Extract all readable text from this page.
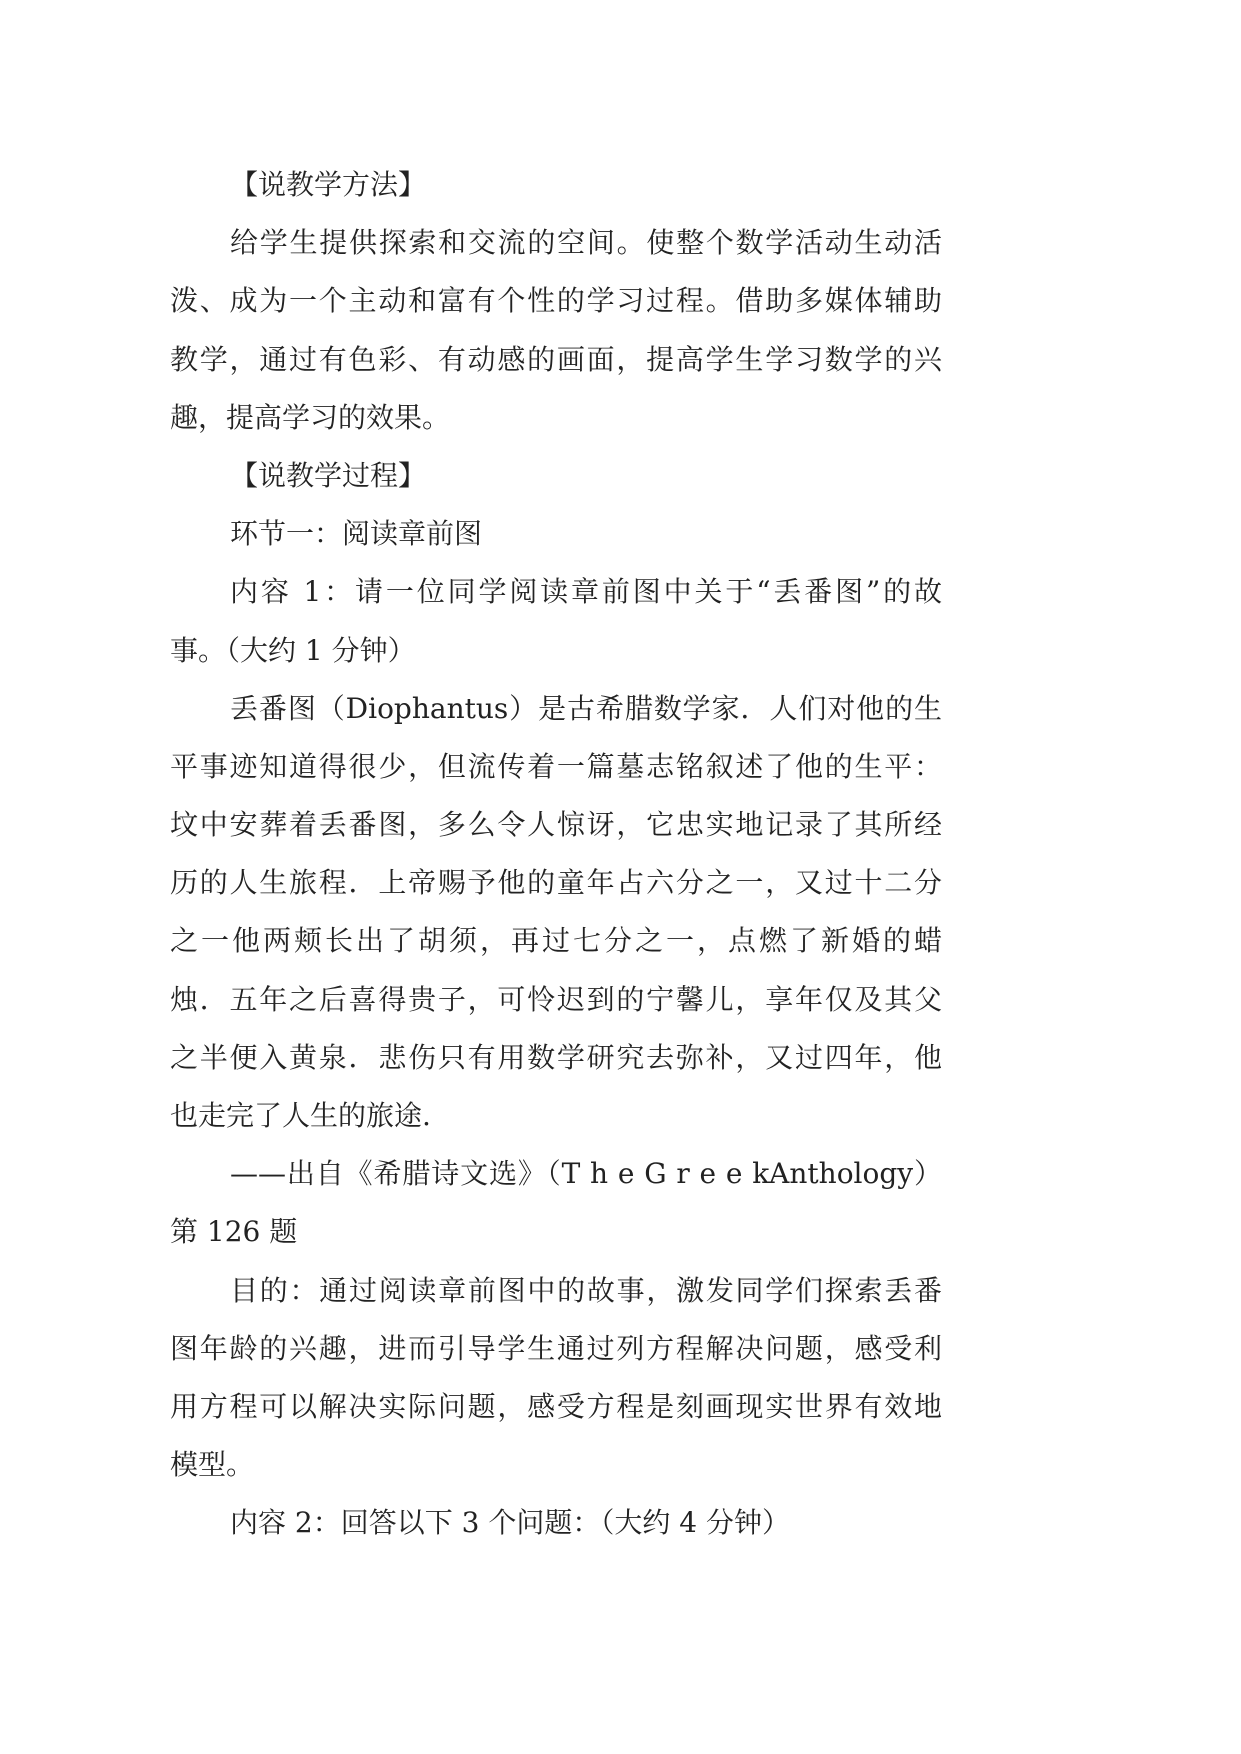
【说教学方法】
给学生提供探索和交流的空间。使整个数学活动生动活
泼、成为一个主动和富有个性的学习过程。借助多媒体辅助
教学，通过有色彩、有动感的画面，提高学生学习数学的兴
趣，提高学习的效果。
【说教学过程】
环节一：阅读章前图
内容 1：请一位同学阅读章前图中关于“丢番图”的故
事。（大约 1 分钟）
丢番图（Diophantus）是古希腊数学家．人们对他的生
平事迹知道得很少，但流传着一篇墓志铭叙述了他的生平：
坟中安葬着丢番图，多么令人惊讶，它忠实地记录了其所经
历的人生旅程．上帝赐予他的童年占六分之一，又过十二分
之一他两颊长出了胡须，再过七分之一，点燃了新婚的蜡
烛．五年之后喜得贵子，可怜迟到的宁馨儿，享年仅及其父
之半便入黄泉．悲伤只有用数学研究去弥补，又过四年，他
也走完了人生的旅途.
——出自《希腊诗文选》（T h e G r e e kAnthology）
第 126 题
目的：通过阅读章前图中的故事，激发同学们探索丢番
图年龄的兴趣，进而引导学生通过列方程解决问题，感受利
用方程可以解决实际问题，感受方程是刻画现实世界有效地
模型。
内容 2：回答以下 3 个问题：（大约 4 分钟）
